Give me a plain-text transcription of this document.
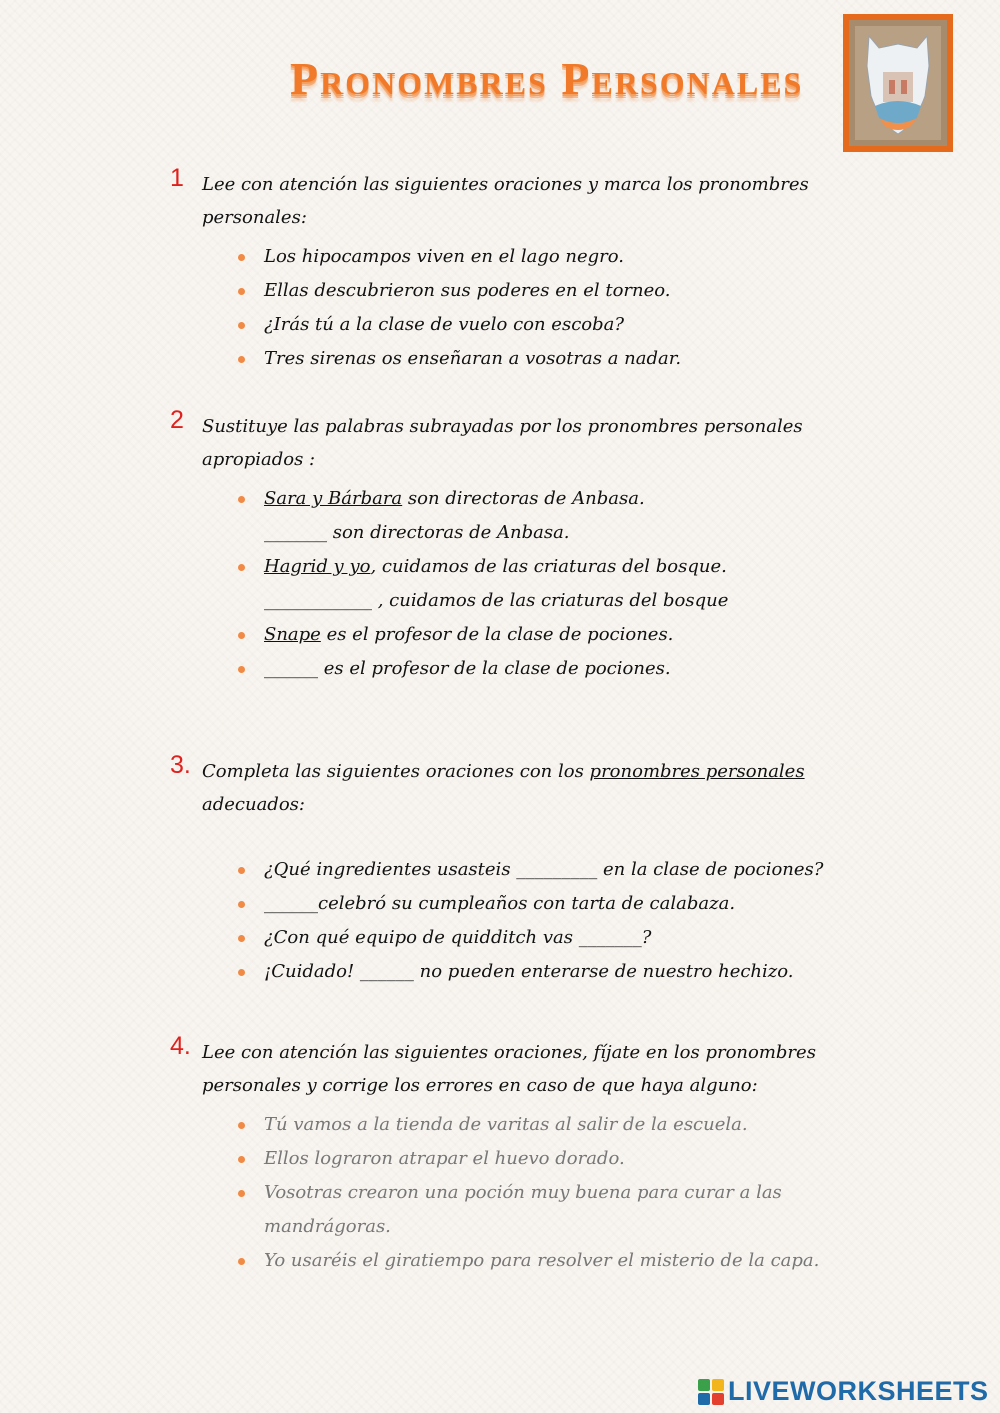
Pronombres Personales
1 Lee con atención las siguientes oraciones y marca los pronombres personales:
Los hipocampos viven en el lago negro.
Ellas descubrieron sus poderes en el torneo.
¿Irás tú a la clase de vuelo con escoba?
Tres sirenas os enseñaran a vosotras a nadar.
2 Sustituye las palabras subrayadas por los pronombres personales apropiados :
Sara y Bárbara son directoras de Anbasa.
_______ son directoras de Anbasa.
Hagrid y yo, cuidamos de las criaturas del bosque.
____________ , cuidamos de las criaturas del bosque
Snape es el profesor de la clase de pociones.
______ es el profesor de la clase de pociones.
3. Completa las siguientes oraciones con los pronombres personales adecuados:
¿Qué ingredientes usasteis _________ en la clase de pociones?
______celebró su cumpleaños con tarta de calabaza.
¿Con qué equipo de quidditch vas _______?
¡Cuidado! ______ no pueden enterarse de nuestro hechizo.
4. Lee con atención las siguientes oraciones, fíjate en los pronombres personales y corrige los errores en caso de que haya alguno:
Tú vamos a la tienda de varitas al salir de la escuela.
Ellos lograron atrapar el huevo dorado.
Vosotras crearon una poción muy buena para curar a las mandrágoras.
Yo usaréis el giratiempo para resolver el misterio de la capa.
LIVEWORKSHEETS
